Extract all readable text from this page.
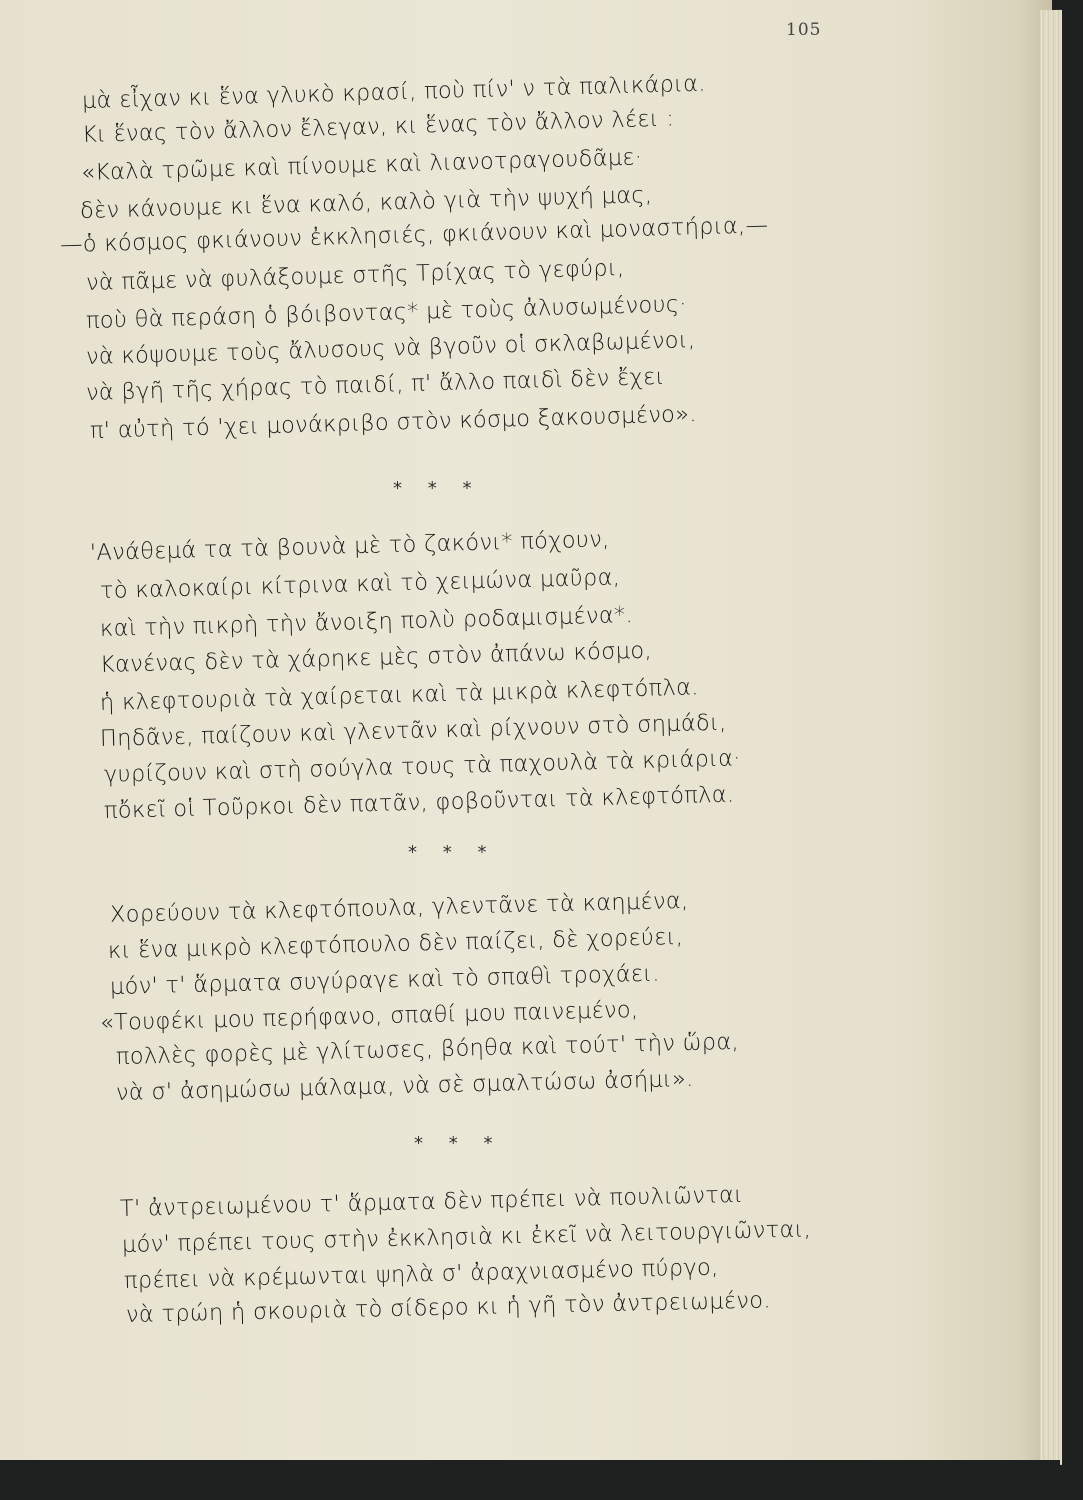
105
μὰ εἶχαν κι ἕνα γλυκὸ κρασί, ποὺ πίν' ν τὰ παλικάρια.
Κι ἕνας τὸν ἄλλον ἔλεγαν, κι ἕνας τὸν ἄλλον λέει :
«Καλὰ τρῶμε καὶ πίνουμε καὶ λιανοτραγουδᾶμε·
δὲν κάνουμε κι ἕνα καλό, καλὸ γιὰ τὴν ψυχή μας,
—ὁ κόσμος φκιάνουν ἐκκλησιές, φκιάνουν καὶ μοναστήρια,—
νὰ πᾶμε νὰ φυλάξουμε στῆς Τρίχας τὸ γεφύρι,
ποὺ θὰ περάση ὁ βόιβοντας* μὲ τοὺς ἀλυσωμένους·
νὰ κόψουμε τοὺς ἄλυσους νὰ βγοῦν οἱ σκλαβωμένοι,
νὰ βγῆ τῆς χήρας τὸ παιδί, π' ἄλλο παιδὶ δὲν ἔχει
π' αὐτὴ τό 'χει μονάκριβο στὸν κόσμο ξακουσμένο».
* * *
'Ανάθεμά τα τὰ βουνὰ μὲ τὸ ζακόνι* πόχουν,
τὸ καλοκαίρι κίτρινα καὶ τὸ χειμώνα μαῦρα,
καὶ τὴν πικρὴ τὴν ἄνοιξη πολὺ ροδαμισμένα*.
Κανένας δὲν τὰ χάρηκε μὲς στὸν ἀπάνω κόσμο,
ἡ κλεφτουριὰ τὰ χαίρεται καὶ τὰ μικρὰ κλεφτόπλα.
Πηδᾶνε, παίζουν καὶ γλεντᾶν καὶ ρίχνουν στὸ σημάδι,
γυρίζουν καὶ στὴ σούγλα τους τὰ παχουλὰ τὰ κριάρια·
πὄκεῖ οἱ Τοῦρκοι δὲν πατᾶν, φοβοῦνται τὰ κλεφτόπλα.
* * *
Χορεύουν τὰ κλεφτόπουλα, γλεντᾶνε τὰ καημένα,
κι ἕνα μικρὸ κλεφτόπουλο δὲν παίζει, δὲ χορεύει,
μόν' τ' ἅρματα συγύραγε καὶ τὸ σπαθὶ τροχάει.
«Τουφέκι μου περήφανο, σπαθί μου παινεμένο,
πολλὲς φορὲς μὲ γλίτωσες, βόηθα καὶ τούτ' τὴν ὥρα,
νὰ σ' ἀσημώσω μάλαμα, νὰ σὲ σμαλτώσω ἀσήμι».
* * *
Τ' ἀντρειωμένου τ' ἅρματα δὲν πρέπει νὰ πουλιῶνται
μόν' πρέπει τους στὴν ἐκκλησιὰ κι ἐκεῖ νὰ λειτουργιῶνται,
πρέπει νὰ κρέμωνται ψηλὰ σ' ἀραχνιασμένο πύργο,
νὰ τρώη ἡ σκουριὰ τὸ σίδερο κι ἡ γῆ τὸν ἀντρειωμένο.
